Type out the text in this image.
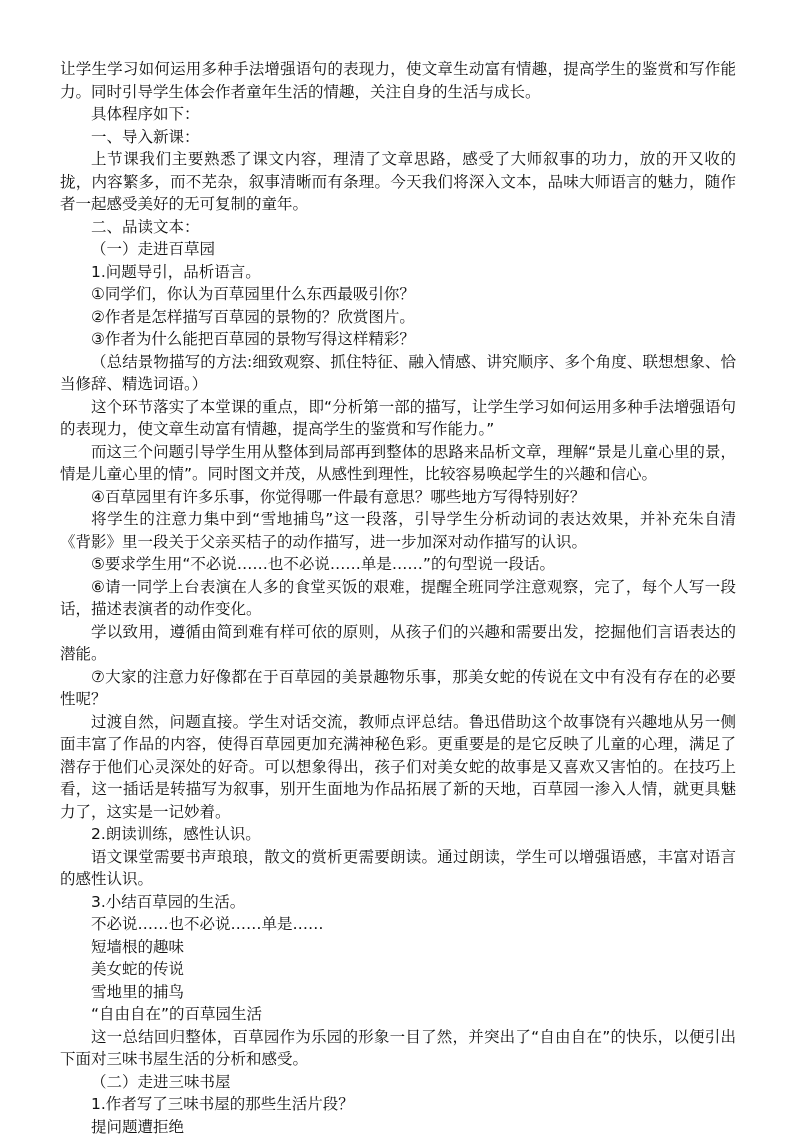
让学生学习如何运用多种手法增强语句的表现力，使文章生动富有情趣，提高学生的鉴赏和写作能力。同时引导学生体会作者童年生活的情趣，关注自身的生活与成长。

具体程序如下：

一、导入新课：

上节课我们主要熟悉了课文内容，理清了文章思路，感受了大师叙事的功力，放的开又收的拢，内容繁多，而不芜杂，叙事清晰而有条理。今天我们将深入文本，品味大师语言的魅力，随作者一起感受美好的无可复制的童年。

二、品读文本：

（一）走进百草园

1.问题导引，品析语言。

①同学们，你认为百草园里什么东西最吸引你？

②作者是怎样描写百草园的景物的？欣赏图片。

③作者为什么能把百草园的景物写得这样精彩？

（总结景物描写的方法:细致观察、抓住特征、融入情感、讲究顺序、多个角度、联想想象、恰当修辞、精选词语。）

这个环节落实了本堂课的重点，即“分析第一部的描写，让学生学习如何运用多种手法增强语句的表现力，使文章生动富有情趣，提高学生的鉴赏和写作能力。”

而这三个问题引导学生用从整体到局部再到整体的思路来品析文章，理解“景是儿童心里的景，情是儿童心里的情”。同时图文并茂，从感性到理性，比较容易唤起学生的兴趣和信心。

④百草园里有许多乐事，你觉得哪一件最有意思？哪些地方写得特别好？

将学生的注意力集中到“雪地捕鸟”这一段落，引导学生分析动词的表达效果，并补充朱自清《背影》里一段关于父亲买桔子的动作描写，进一步加深对动作描写的认识。

⑤要求学生用“不必说……也不必说……单是……”的句型说一段话。

⑥请一同学上台表演在人多的食堂买饭的艰难，提醒全班同学注意观察，完了，每个人写一段话，描述表演者的动作变化。

学以致用，遵循由简到难有样可依的原则，从孩子们的兴趣和需要出发，挖掘他们言语表达的潜能。

⑦大家的注意力好像都在于百草园的美景趣物乐事，那美女蛇的传说在文中有没有存在的必要性呢？

过渡自然，问题直接。学生对话交流，教师点评总结。鲁迅借助这个故事饶有兴趣地从另一侧面丰富了作品的内容，使得百草园更加充满神秘色彩。更重要是的是它反映了儿童的心理，满足了潜存于他们心灵深处的好奇。可以想象得出，孩子们对美女蛇的故事是又喜欢又害怕的。在技巧上看，这一插话是转描写为叙事，别开生面地为作品拓展了新的天地，百草园一渗入人情，就更具魅力了，这实是一记妙着。

2.朗读训练，感性认识。

语文课堂需要书声琅琅，散文的赏析更需要朗读。通过朗读，学生可以增强语感，丰富对语言的感性认识。

3.小结百草园的生活。

不必说……也不必说……单是……

短墙根的趣味

美女蛇的传说

雪地里的捕鸟

“自由自在”的百草园生活

这一总结回归整体，百草园作为乐园的形象一目了然，并突出了“自由自在”的快乐，以便引出下面对三味书屋生活的分析和感受。

（二）走进三味书屋

1.作者写了三味书屋的那些生活片段？

提问题遭拒绝
